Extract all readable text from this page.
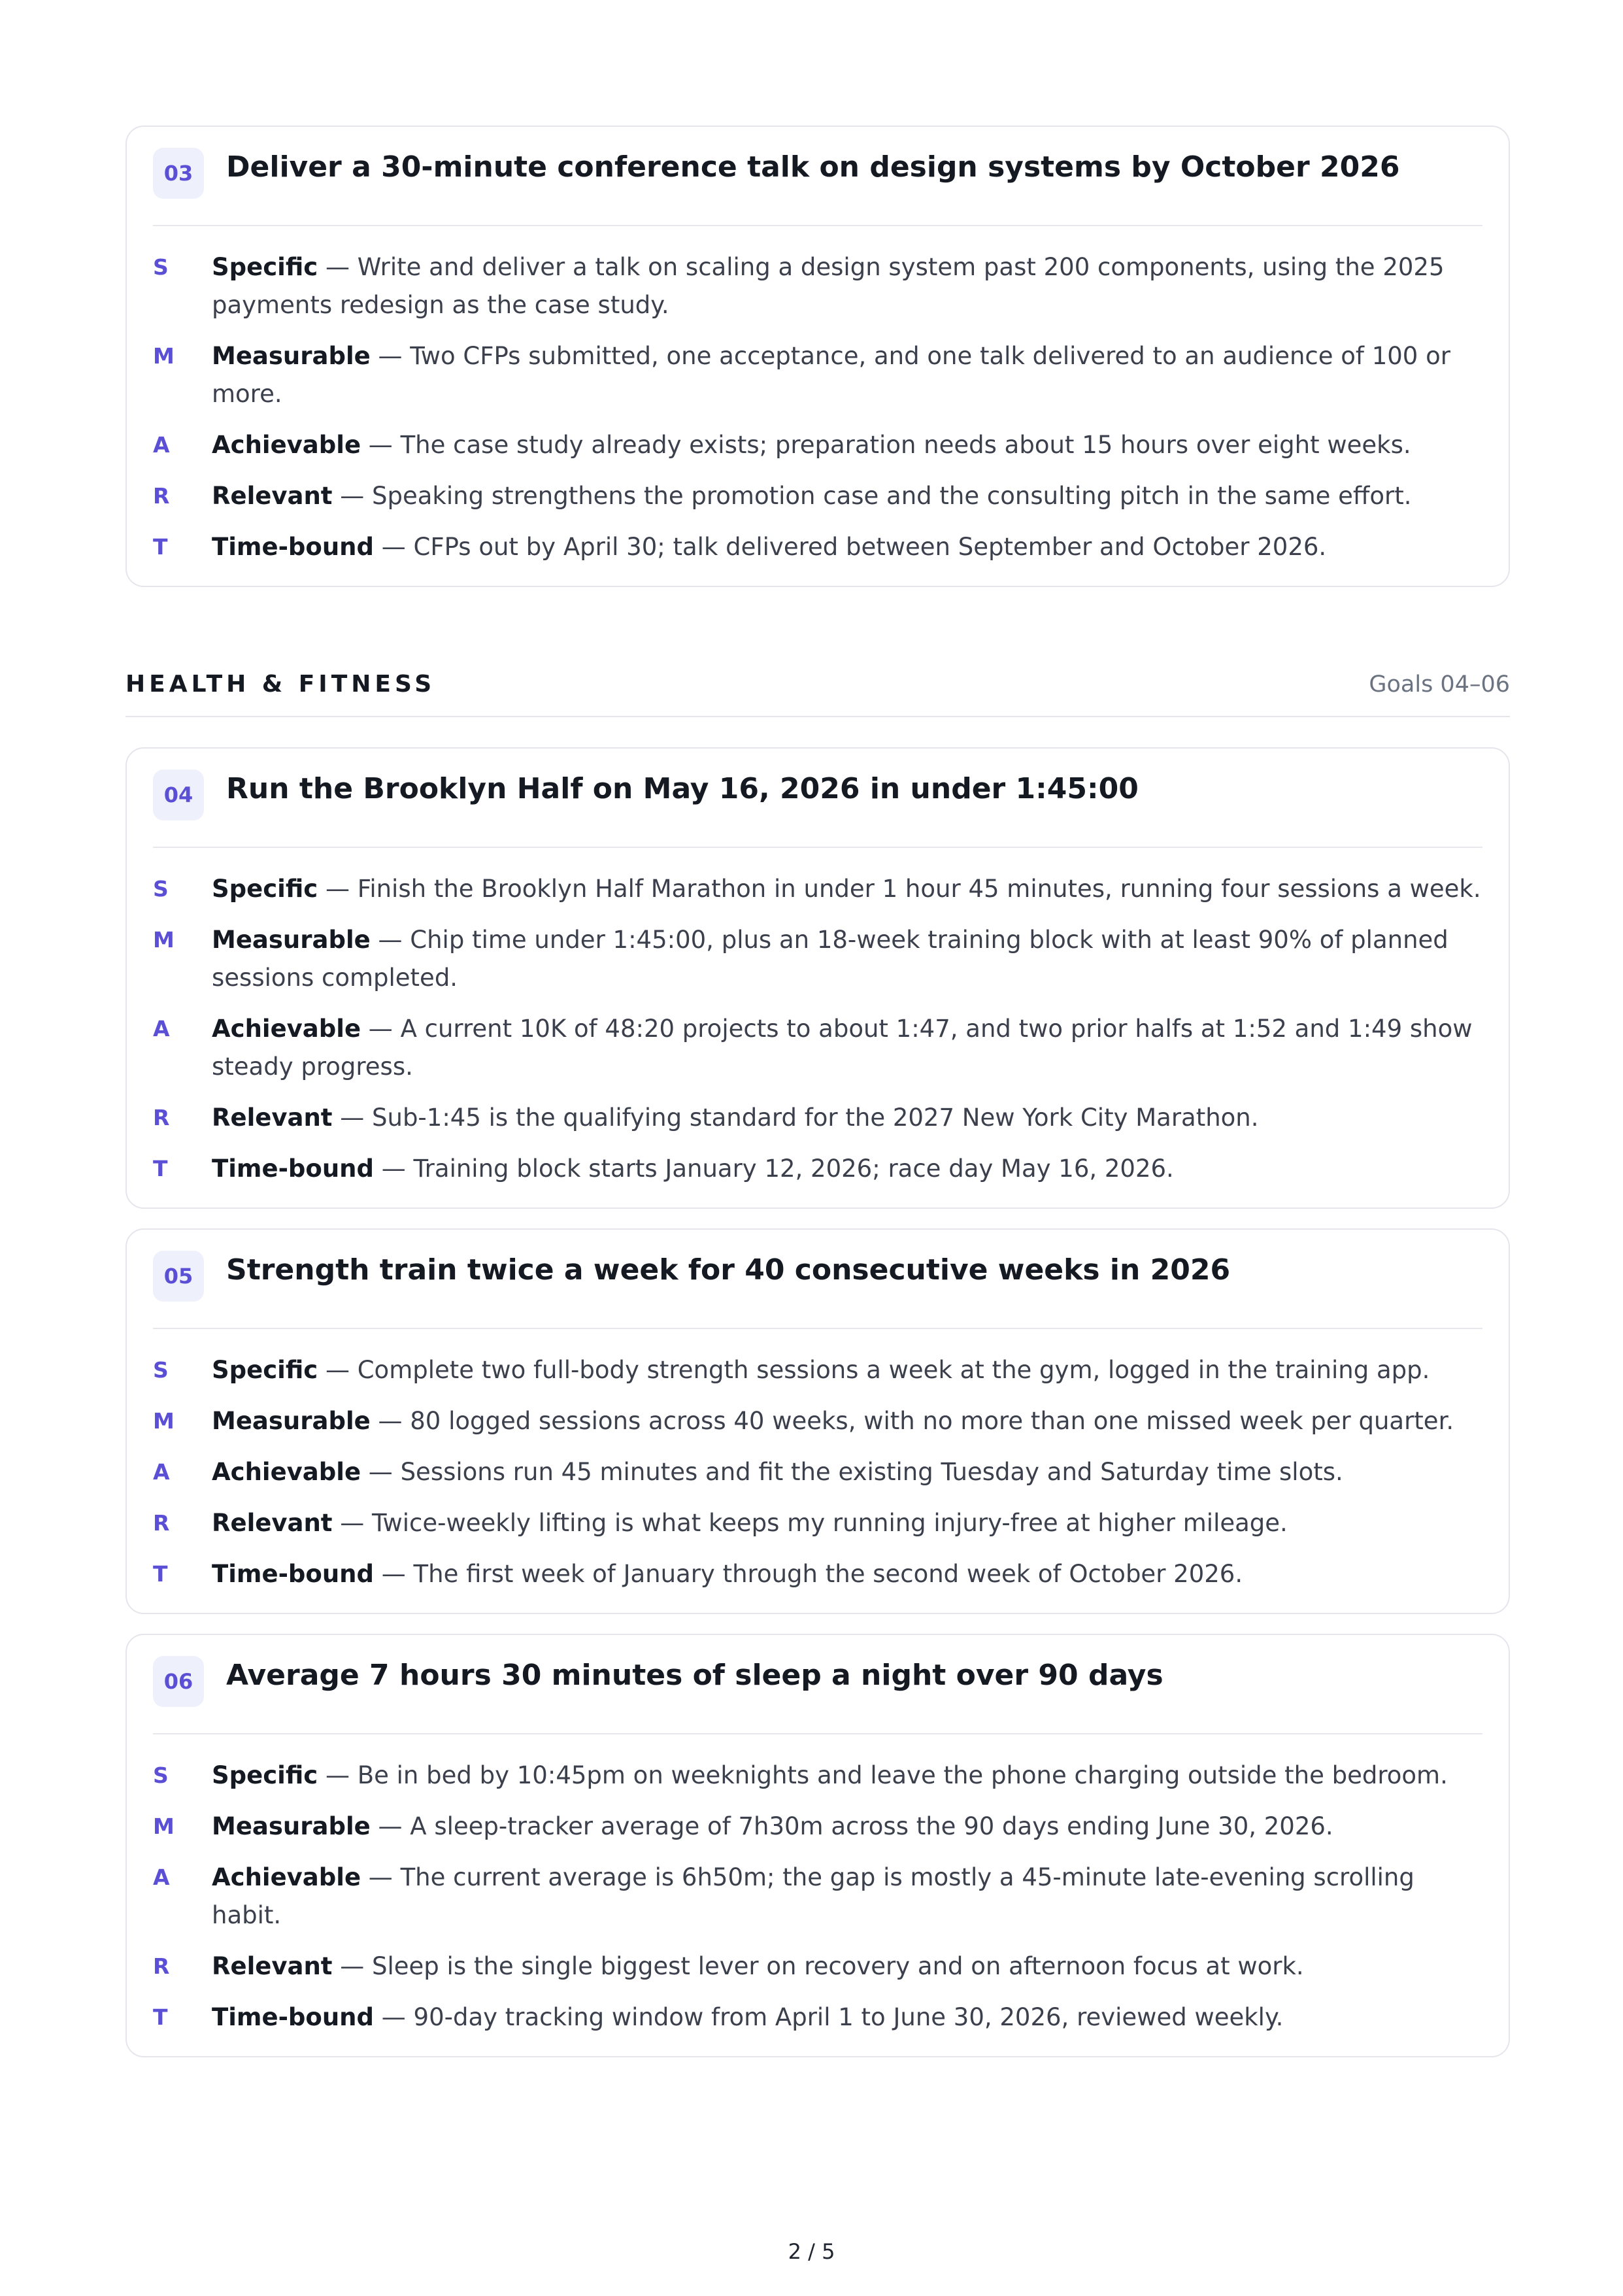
03	Deliver a 30-minute conference talk on design systems by October 2026
S	Specific — Write and deliver a talk on scaling a design system past 200 components, using the 2025 payments redesign as the case study.
M	Measurable — Two CFPs submitted, one acceptance, and one talk delivered to an audience of 100 or more.
A	Achievable — The case study already exists; preparation needs about 15 hours over eight weeks.
R	Relevant — Speaking strengthens the promotion case and the consulting pitch in the same effort.
T	Time-bound — CFPs out by April 30; talk delivered between September and October 2026.
HEALTH & FITNESS	Goals 04–06
04	Run the Brooklyn Half on May 16, 2026 in under 1:45:00
S	Specific — Finish the Brooklyn Half Marathon in under 1 hour 45 minutes, running four sessions a week.
M	Measurable — Chip time under 1:45:00, plus an 18-week training block with at least 90% of planned sessions completed.
A	Achievable — A current 10K of 48:20 projects to about 1:47, and two prior halfs at 1:52 and 1:49 show steady progress.
R	Relevant — Sub-1:45 is the qualifying standard for the 2027 New York City Marathon.
T	Time-bound — Training block starts January 12, 2026; race day May 16, 2026.
05	Strength train twice a week for 40 consecutive weeks in 2026
S	Specific — Complete two full-body strength sessions a week at the gym, logged in the training app.
M	Measurable — 80 logged sessions across 40 weeks, with no more than one missed week per quarter.
A	Achievable — Sessions run 45 minutes and fit the existing Tuesday and Saturday time slots.
R	Relevant — Twice-weekly lifting is what keeps my running injury-free at higher mileage.
T	Time-bound — The first week of January through the second week of October 2026.
06	Average 7 hours 30 minutes of sleep a night over 90 days
S	Specific — Be in bed by 10:45pm on weeknights and leave the phone charging outside the bedroom.
M	Measurable — A sleep-tracker average of 7h30m across the 90 days ending June 30, 2026.
A	Achievable — The current average is 6h50m; the gap is mostly a 45-minute late-evening scrolling habit.
R	Relevant — Sleep is the single biggest lever on recovery and on afternoon focus at work.
T	Time-bound — 90-day tracking window from April 1 to June 30, 2026, reviewed weekly.
2 / 5
